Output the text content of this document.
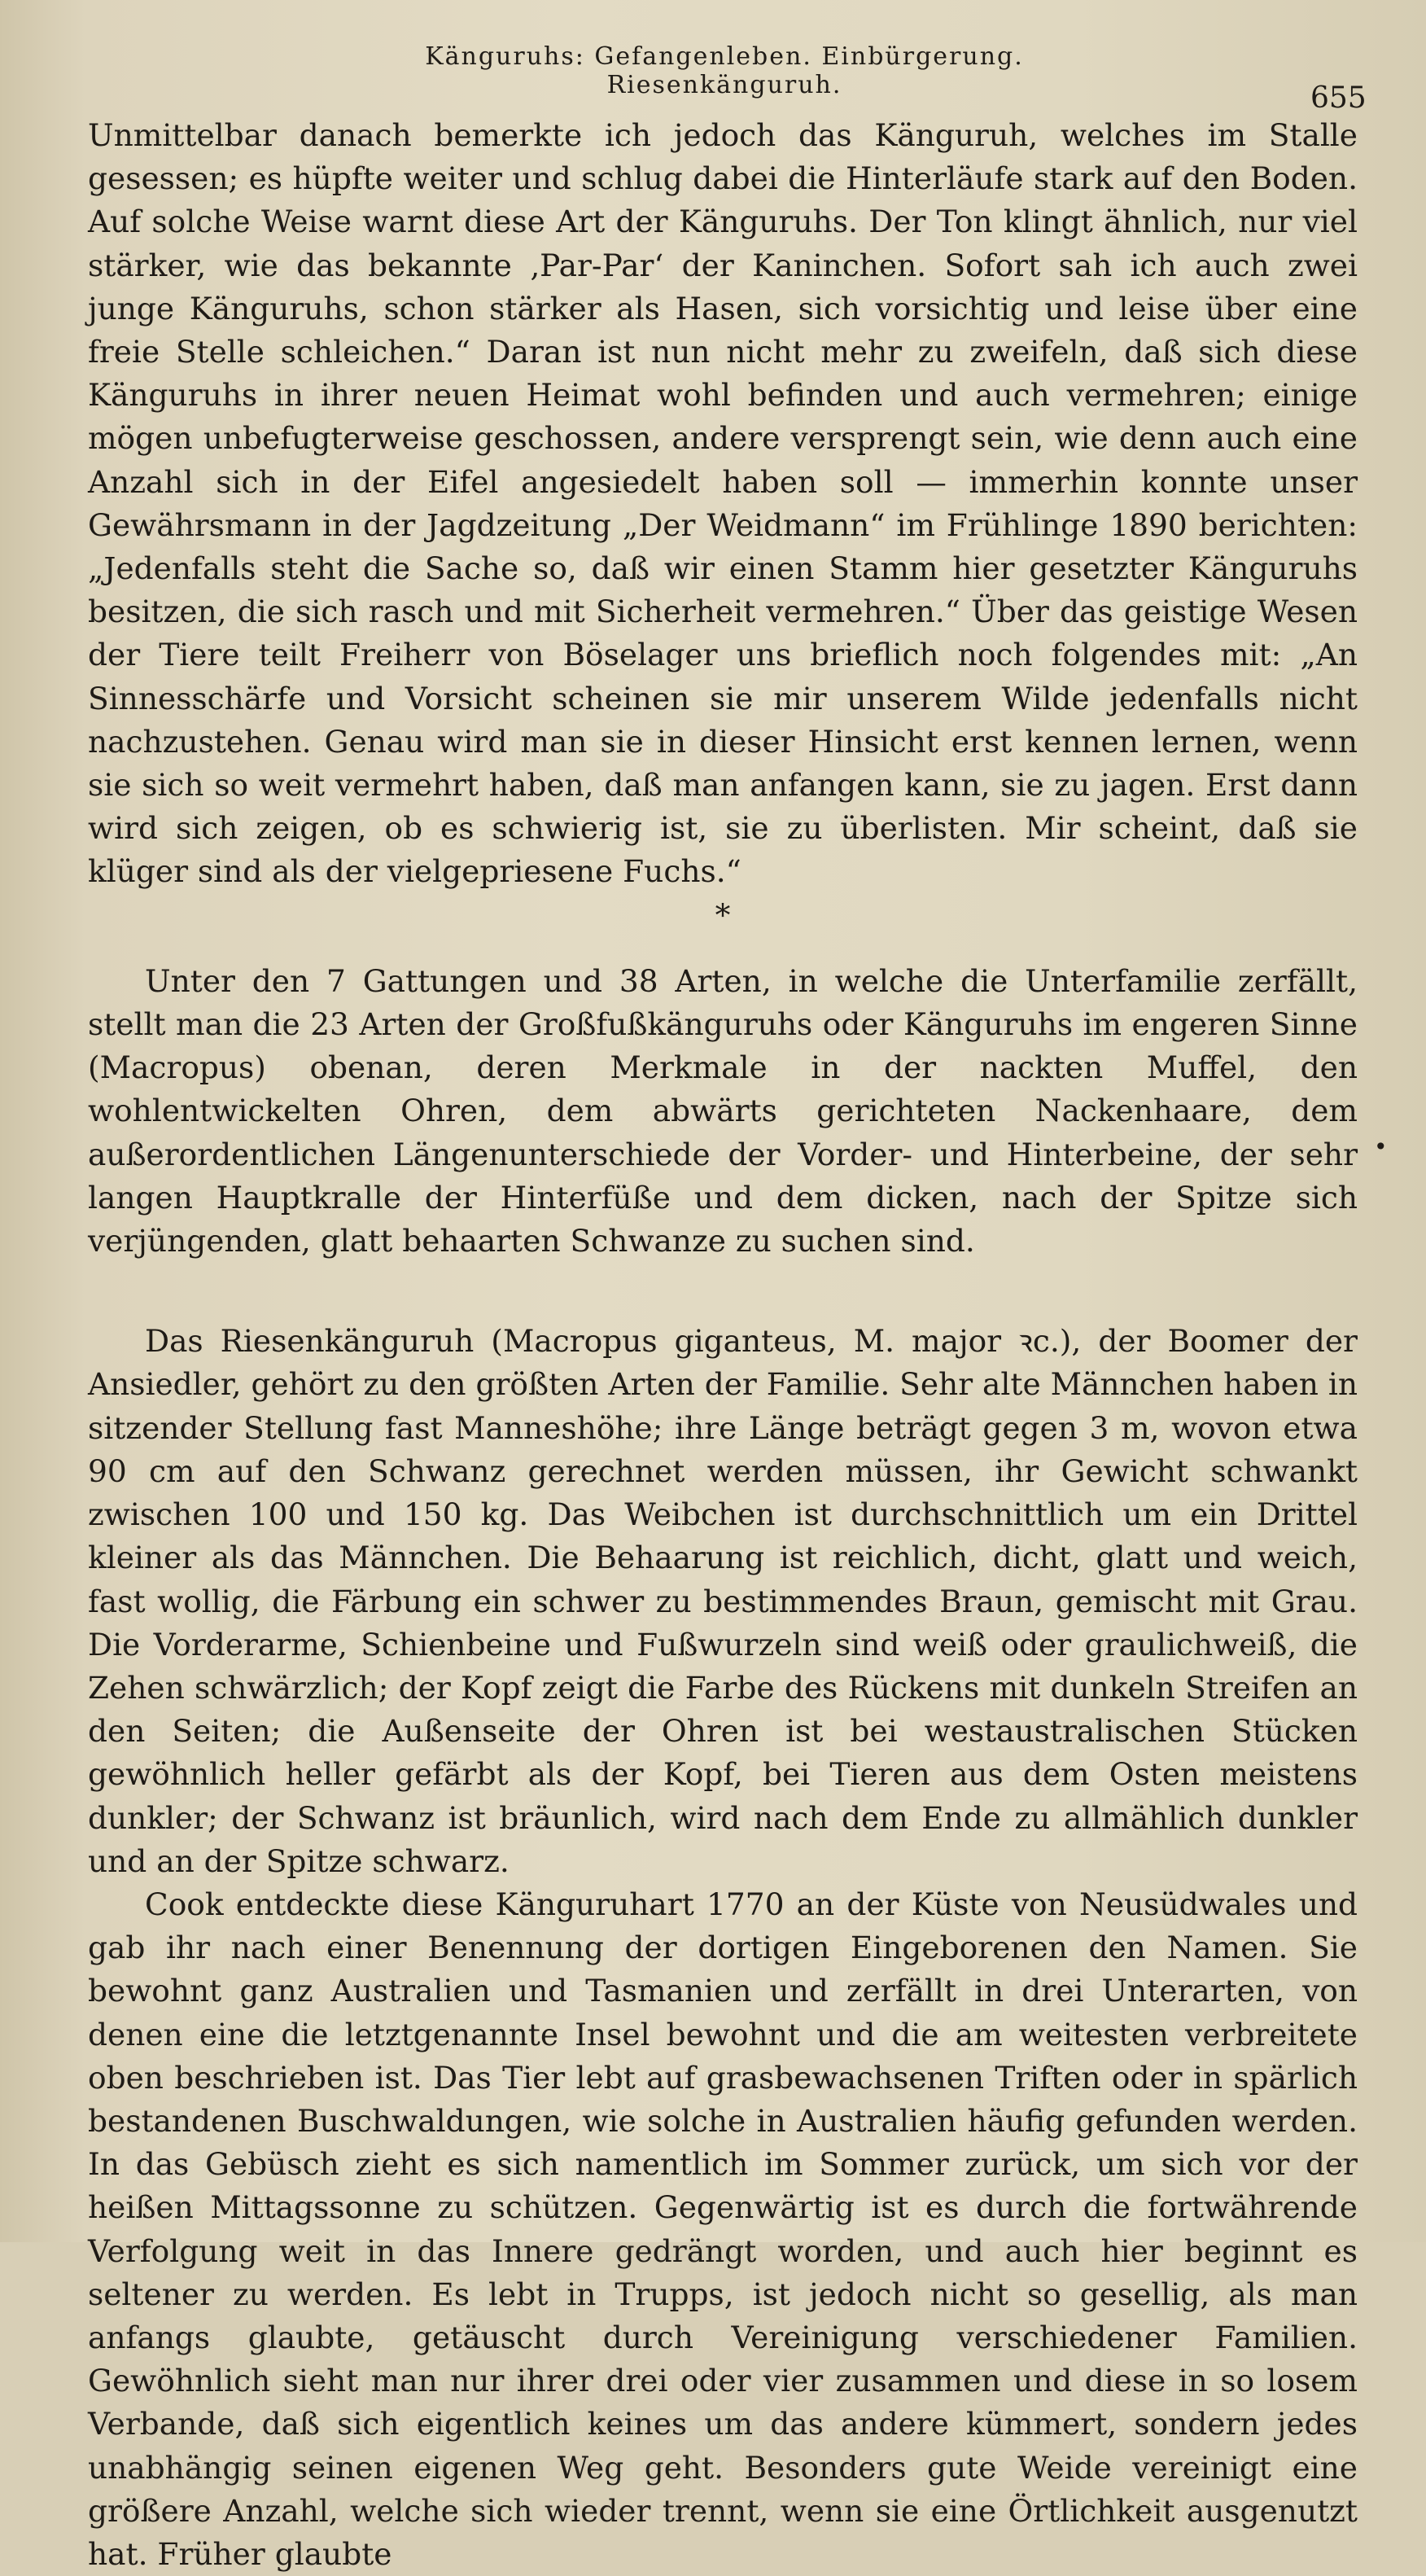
Känguruhs: Gefangenleben. Einbürgerung. Riesenkänguruh.	655

Unmittelbar danach bemerkte ich jedoch das Känguruh, welches im Stalle gesessen; es hüpfte weiter und schlug dabei die Hinterläufe stark auf den Boden. Auf solche Weise warnt diese Art der Känguruhs. Der Ton klingt ähnlich, nur viel stärker, wie das bekannte ‚Par-Par‘ der Kaninchen. Sofort sah ich auch zwei junge Känguruhs, schon stärker als Hasen, sich vorsichtig und leise über eine freie Stelle schleichen.“ Daran ist nun nicht mehr zu zweifeln, daß sich diese Känguruhs in ihrer neuen Heimat wohl befinden und auch vermehren; einige mögen unbefugterweise geschossen, andere versprengt sein, wie denn auch eine Anzahl sich in der Eifel angesiedelt haben soll — immerhin konnte unser Gewährsmann in der Jagdzeitung „Der Weidmann“ im Frühlinge 1890 berichten: „Jedenfalls steht die Sache so, daß wir einen Stamm hier gesetzter Känguruhs besitzen, die sich rasch und mit Sicherheit vermehren.“ Über das geistige Wesen der Tiere teilt Freiherr von Böselager uns brieflich noch folgendes mit: „An Sinnesschärfe und Vorsicht scheinen sie mir unserem Wilde jedenfalls nicht nachzustehen. Genau wird man sie in dieser Hinsicht erst kennen lernen, wenn sie sich so weit vermehrt haben, daß man anfangen kann, sie zu jagen. Erst dann wird sich zeigen, ob es schwierig ist, sie zu überlisten. Mir scheint, daß sie klüger sind als der vielgepriesene Fuchs.“

*

Unter den 7 Gattungen und 38 Arten, in welche die Unterfamilie zerfällt, stellt man die 23 Arten der Großfußkänguruhs oder Känguruhs im engeren Sinne (Macropus) obenan, deren Merkmale in der nackten Muffel, den wohlentwickelten Ohren, dem abwärts gerichteten Nackenhaare, dem außerordentlichen Längenunterschiede der Vorder- und Hinterbeine, der sehr langen Hauptkralle der Hinterfüße und dem dicken, nach der Spitze sich verjüngenden, glatt behaarten Schwanze zu suchen sind.

Das Riesenkänguruh (Macropus giganteus, M. major ꝛc.), der Boomer der Ansiedler, gehört zu den größten Arten der Familie. Sehr alte Männchen haben in sitzender Stellung fast Manneshöhe; ihre Länge beträgt gegen 3 m, wovon etwa 90 cm auf den Schwanz gerechnet werden müssen, ihr Gewicht schwankt zwischen 100 und 150 kg. Das Weibchen ist durchschnittlich um ein Drittel kleiner als das Männchen. Die Behaarung ist reichlich, dicht, glatt und weich, fast wollig, die Färbung ein schwer zu bestimmendes Braun, gemischt mit Grau. Die Vorderarme, Schienbeine und Fußwurzeln sind weiß oder graulichweiß, die Zehen schwärzlich; der Kopf zeigt die Farbe des Rückens mit dunkeln Streifen an den Seiten; die Außenseite der Ohren ist bei westaustralischen Stücken gewöhnlich heller gefärbt als der Kopf, bei Tieren aus dem Osten meistens dunkler; der Schwanz ist bräunlich, wird nach dem Ende zu allmählich dunkler und an der Spitze schwarz.

Cook entdeckte diese Känguruhart 1770 an der Küste von Neusüdwales und gab ihr nach einer Benennung der dortigen Eingeborenen den Namen. Sie bewohnt ganz Australien und Tasmanien und zerfällt in drei Unterarten, von denen eine die letztgenannte Insel bewohnt und die am weitesten verbreitete oben beschrieben ist. Das Tier lebt auf grasbewachsenen Triften oder in spärlich bestandenen Buschwaldungen, wie solche in Australien häufig gefunden werden. In das Gebüsch zieht es sich namentlich im Sommer zurück, um sich vor der heißen Mittagssonne zu schützen. Gegenwärtig ist es durch die fortwährende Verfolgung weit in das Innere gedrängt worden, und auch hier beginnt es seltener zu werden. Es lebt in Trupps, ist jedoch nicht so gesellig, als man anfangs glaubte, getäuscht durch Vereinigung verschiedener Familien. Gewöhnlich sieht man nur ihrer drei oder vier zusammen und diese in so losem Verbande, daß sich eigentlich keines um das andere kümmert, sondern jedes unabhängig seinen eigenen Weg geht. Besonders gute Weide vereinigt eine größere Anzahl, welche sich wieder trennt, wenn sie eine Örtlichkeit ausgenutzt hat. Früher glaubte

•
